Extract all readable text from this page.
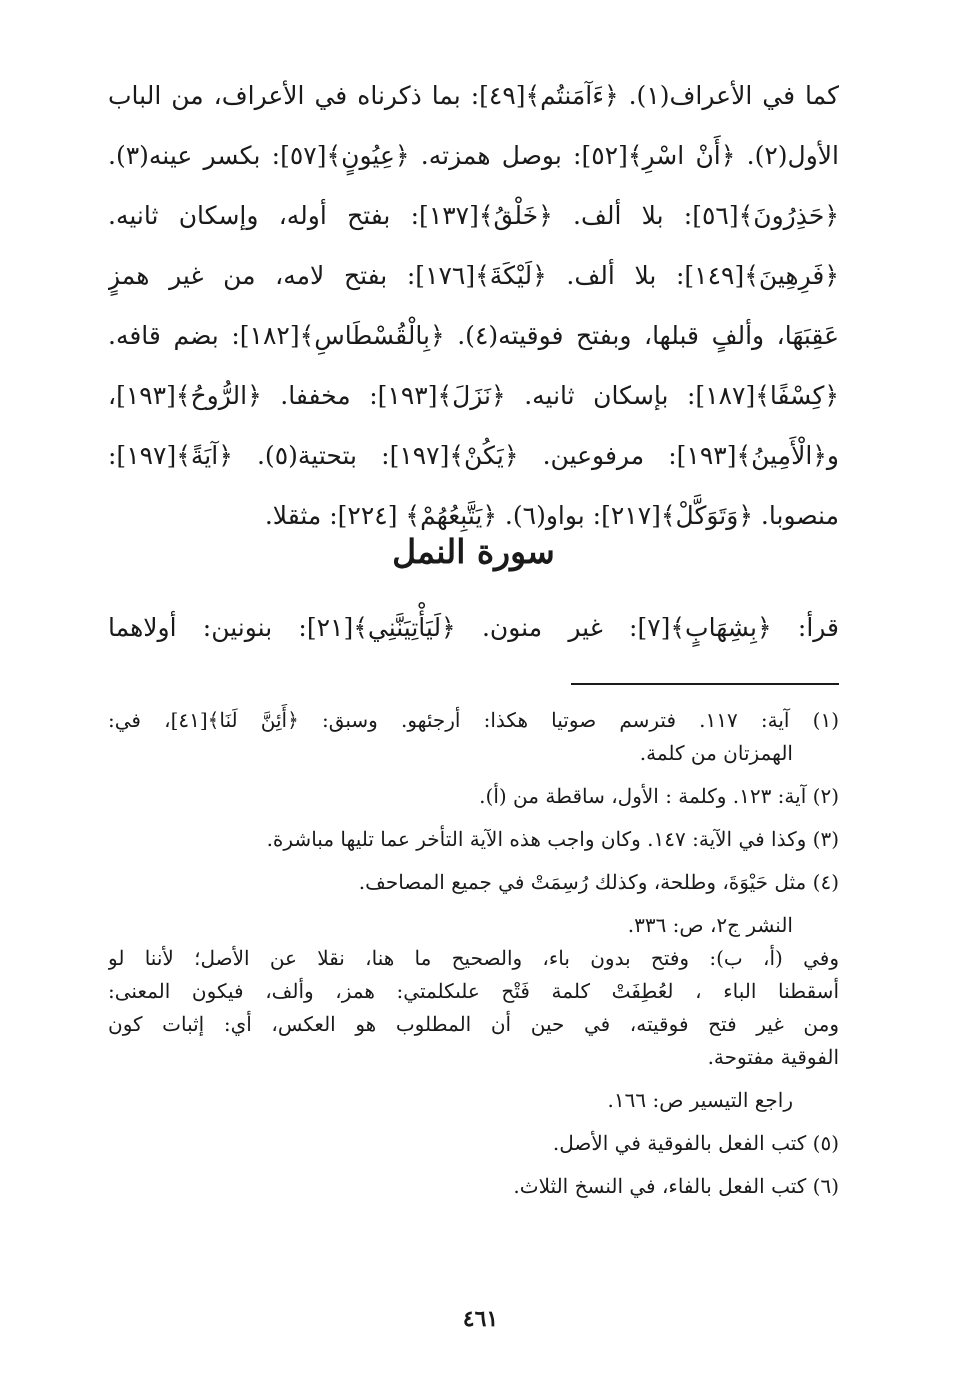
كما في الأعراف(١). ﴿ءَآمَنتُم﴾[٤٩]: بما ذكرناه في الأعراف، من الباب
الأول(٢). ﴿أَنْ اسْرِ﴾[٥٢]: بوصل همزته. ﴿عِيُونٍ﴾[٥٧]: بكسر عينه(٣).
﴿حَذِرُونَ﴾[٥٦]: بلا ألف. ﴿خَلْقُ﴾[١٣٧]: بفتح أوله، وإسكان ثانيه.
﴿فَرِهِينَ﴾[١٤٩]: بلا ألف. ﴿لَيْكَةَ﴾[١٧٦]: بفتح لامه، من غير همزٍ
عَقِبَهَا، وألفٍ قبلها، وبفتح فوقيته(٤). ﴿بِالْقُسْطَاسِ﴾[١٨٢]: بضم قافه.
﴿كِسْفًا﴾[١٨٧]: بإسكان ثانيه. ﴿نَزَلَ﴾[١٩٣]: مخففا. ﴿الرُّوحُ﴾[١٩٣]،
و﴿الْأَمِينُ﴾[١٩٣]: مرفوعين. ﴿يَكُنْ﴾[١٩٧]: بتحتية(٥). ﴿آيَةً﴾[١٩٧]:
منصوبا. ﴿وَتَوَكَّلْ﴾[٢١٧]: بواو(٦). ﴿يَتَّبِعُهُمْ﴾ [٢٢٤]: مثقلا.
سورة النمل
قرأ: ﴿بِشِهَابٍ﴾[٧]: غير منون. ﴿لَيَأْتِيَنَّنِي﴾[٢١]: بنونين: أولاهما
(١) آية: ١١٧. فترسم صوتيا هكذا: أرجئهو. وسبق: ﴿أَئِنَّ لَنَا﴾[٤١]، في:
الهمزتان من كلمة.
(٢) آية: ١٢٣. وكلمة : الأول، ساقطة من (أ).
(٣) وكذا في الآية: ١٤٧. وكان واجب هذه الآية التأخر عما تليها مباشرة.
(٤) مثل حَيْوَةَ، وطلحة، وكذلك رُسِمَتْ في جميع المصاحف.
النشر ج٢، ص: ٣٣٦.
وفي (أ، ب): وفتح بدون باء، والصحيح ما هنا، نقلا عن الأصل؛ لأننا لو
أسقطنا الباء ، لعُطِفَتْ كلمة فَتْح علىكلمتي: همز، وألف، فيكون المعنى:
ومن غير فتح فوقيته، في حين أن المطلوب هو العكس، أي: إثبات كون
الفوقية مفتوحة.
راجع التيسير ص: ١٦٦.
(٥) كتب الفعل بالفوقية في الأصل.
(٦) كتب الفعل بالفاء، في النسخ الثلاث.
٤٦١
